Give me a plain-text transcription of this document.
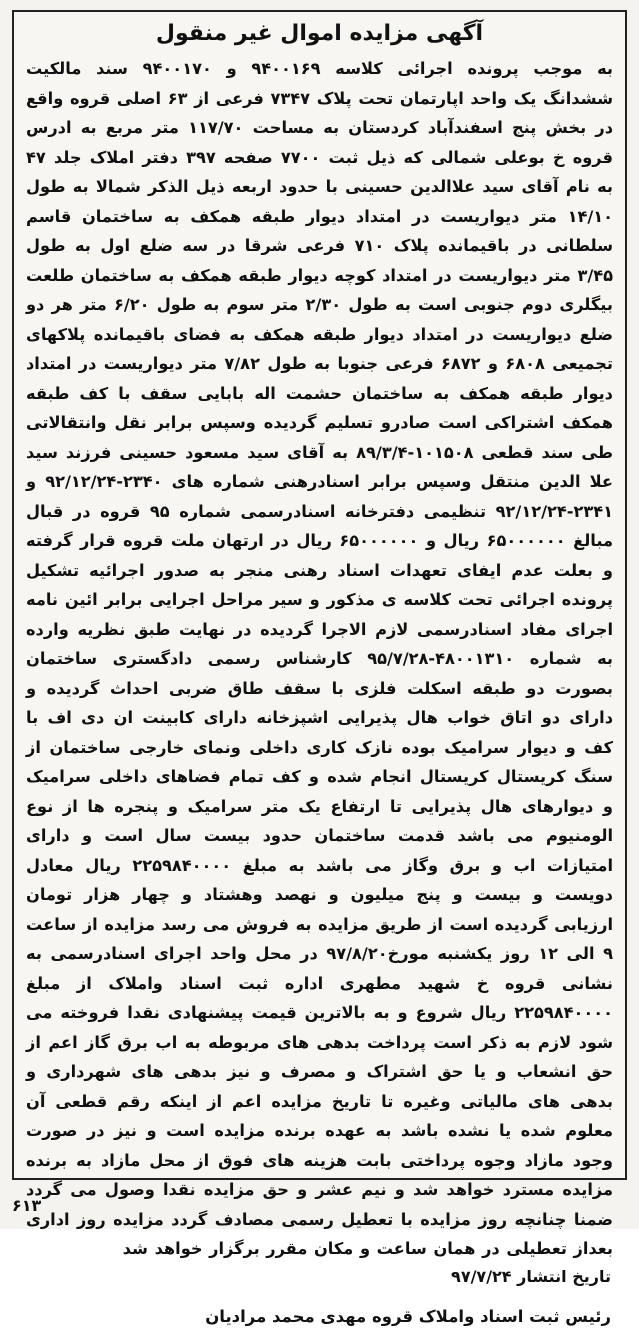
آگهی مزایده اموال غیر منقول

به موجب پرونده اجرائی کلاسه ۹۴۰۰۱۶۹ و ۹۴۰۰۱۷۰ سند مالکیت ششدانگ یک واحد اپارتمان تحت پلاک ۷۳۴۷ فرعی از ۶۳ اصلی قروه واقع در بخش پنج اسفندآباد کردستان به مساحت ۱۱۷/۷۰ متر مربع به ادرس قروه خ بوعلی شمالی که ذیل ثبت ۷۷۰۰ صفحه ۳۹۷ دفتر املاک جلد ۴۷ به نام آقای سید علاالدین حسینی با حدود اربعه ذیل الذکر شمالا به طول ۱۴/۱۰ متر دیواریست در امتداد دیوار طبقه همکف به ساختمان قاسم سلطانی در باقیمانده پلاک ۷۱۰ فرعی شرقا در سه ضلع اول به طول ۳/۴۵ متر دیواریست در امتداد کوچه دیوار طبقه همکف به ساختمان طلعت بیگلری دوم جنوبی است به طول ۲/۳۰ متر سوم به طول ۶/۲۰ متر هر دو ضلع دیواریست در امتداد دیوار طبقه همکف به فضای باقیمانده پلاکهای تجمیعی ۶۸۰۸ و ۶۸۷۲ فرعی جنوبا به طول ۷/۸۲ متر دیواریست در امتداد دیوار طبقه همکف به ساختمان حشمت اله بابایی سقف با کف طبقه همکف اشتراکی است صادرو تسلیم گردیده وسپس برابر نقل وانتقالاتی طی سند قطعی ۱۰۱۵۰۸-۸۹/۳/۴ به آقای سید مسعود حسینی فرزند سید علا الدین منتقل وسپس برابر اسنادرهنی شماره های ۲۳۴۰-۹۲/۱۲/۲۴ و ۲۳۴۱-۹۲/۱۲/۲۴ تنظیمی دفترخانه اسنادرسمی شماره ۹۵ قروه در قبال مبالغ ۶۵۰۰۰۰۰۰ ریال و ۶۵۰۰۰۰۰۰ ریال در ارتهان ملت قروه قرار گرفته و بعلت عدم ایفای تعهدات اسناد رهنی منجر به صدور اجرائیه تشکیل پرونده اجرائی تحت کلاسه ی مذکور و سیر مراحل اجرایی برابر ائین نامه اجرای مفاد اسنادرسمی لازم الاجرا گردیده در نهایت طبق نظریه وارده به شماره ۴۸۰۰۱۳۱۰-۹۵/۷/۲۸ کارشناس رسمی دادگستری ساختمان بصورت دو طبقه اسکلت فلزی با سقف طاق ضربی احداث گردیده و دارای دو اتاق خواب هال پذیرایی اشپزخانه دارای کابینت ان دی اف با کف و دیوار سرامیک بوده نازک کاری داخلی ونمای خارجی ساختمان از سنگ کریستال کریستال انجام شده و کف تمام فضاهای داخلی سرامیک و دیوارهای هال پذیرایی تا ارتفاع یک متر سرامیک و پنجره ها از نوع الومنیوم می باشد قدمت ساختمان حدود بیست سال است و دارای امتیازات اب و برق وگاز می باشد به مبلغ ۲۲۵۹۸۴۰۰۰۰ ریال معادل دویست و بیست و پنج میلیون و نهصد وهشتاد و چهار هزار تومان ارزیابی گردیده است از طریق مزایده به فروش می رسد مزایده از ساعت ۹ الی ۱۲ روز یکشنبه مورخ۹۷/۸/۲۰ در محل واحد اجرای اسنادرسمی به نشانی قروه خ شهید مطهری اداره ثبت اسناد واملاک از مبلغ ۲۲۵۹۸۴۰۰۰۰ ریال شروع و به بالاترین قیمت پیشنهادی نقدا فروخته می شود لازم به ذکر است پرداخت بدهی های مربوطه به اب برق گاز اعم از حق انشعاب و یا حق اشتراک و مصرف و نیز بدهی های شهرداری و بدهی های مالیاتی وغیره تا تاریخ مزایده اعم از اینکه رقم قطعی آن معلوم شده یا نشده باشد به عهده برنده مزایده است و نیز در صورت وجود مازاد وجوه پرداختی بابت هزینه های فوق از محل مازاد به برنده مزایده مسترد خواهد شد و نیم عشر و حق مزایده نقدا وصول می گردد ضمنا چنانچه روز مزایده با تعطیل رسمی مصادف گردد مزایده روز اداری بعداز تعطیلی در همان ساعت و مکان مقرر برگزار خواهد شد

تاریخ انتشار ۹۷/۷/۲۴

رئیس ثبت اسناد واملاک قروه مهدی محمد مرادیان
۶۱۳
